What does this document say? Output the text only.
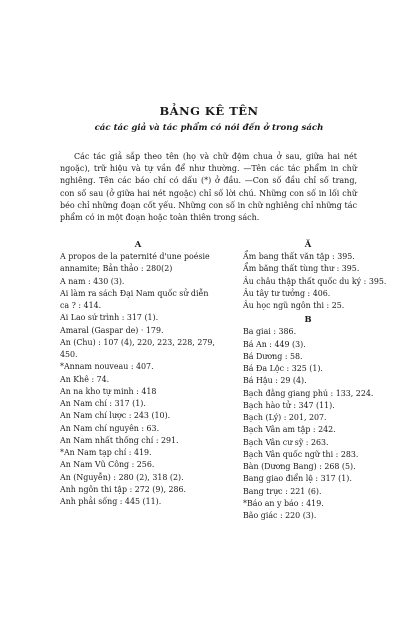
BẢNG KÊ TÊN
các tác giả và tác phẩm có nói đến ở trong sách
Các tác giả sắp theo tên (họ và chữ đệm chua ở sau, giữa hai nét ngoặc), trữ hiệu và tự vần để như thường. —Tên các tác phẩm in chữ nghiêng. Tên các báo chí có dấu (*) ở đầu. —Con số đầu chỉ số trang, con số sau (ở giữa hai nét ngoặc) chỉ số lời chú. Những con số in lối chữ béo chỉ những đoạn cốt yếu. Những con số in chữ nghiêng chỉ những tác phẩm có in một đoạn hoặc toàn thiên trong sách.
A
A propos de la paternité d'une poésie annamite; Bản thảo : 280(2)
A nam : 430 (3).
Ai làm ra sách Đại Nam quốc sử diễn ca ? : 414.
Ai Lao sứ trình : 317 (1).
Amaral (Gaspar de) · 179.
An (Chu) : 107 (4), 220, 223, 228, 279, 450.
*Annam nouveau : 407.
An Khê : 74.
An na kho tự minh : 418
An Nam chí : 317 (1).
An Nam chí lược : 243 (10).
An Nam chí nguyên : 63.
An Nam nhất thống chí : 291.
*An Nam tạp chí : 419.
An Nam Vũ Công : 256.
An (Nguyễn) : 280 (2), 318 (2).
Anh ngôn thi tập : 272 (9), 286.
Anh phải sống : 445 (11).
Ă
Ẩm bang thất văn tập : 395.
Ẩm băng thất tùng thư : 395.
Âu châu thập thất quốc du ký : 395.
Âu tây tư tưởng : 406.
Âu học ngũ ngôn thi : 25.
B
Ba giai : 386.
Bá An : 449 (3).
Bá Dương : 58.
Bá Đa Lộc : 325 (1).
Bá Hậu : 29 (4).
Bạch đằng giang phú : 133, 224.
Bạch hào tử : 347 (11).
Bạch (Lý) : 201, 207.
Bạch Vân am tập : 242.
Bạch Vân cư sỹ : 263.
Bạch Vân quốc ngữ thi : 283.
Bàn (Dương Bang) : 268 (5).
Bang giao điển lệ : 317 (1).
Bang trực : 221 (6).
*Báo an y báo : 419.
Bão giác : 220 (3).
